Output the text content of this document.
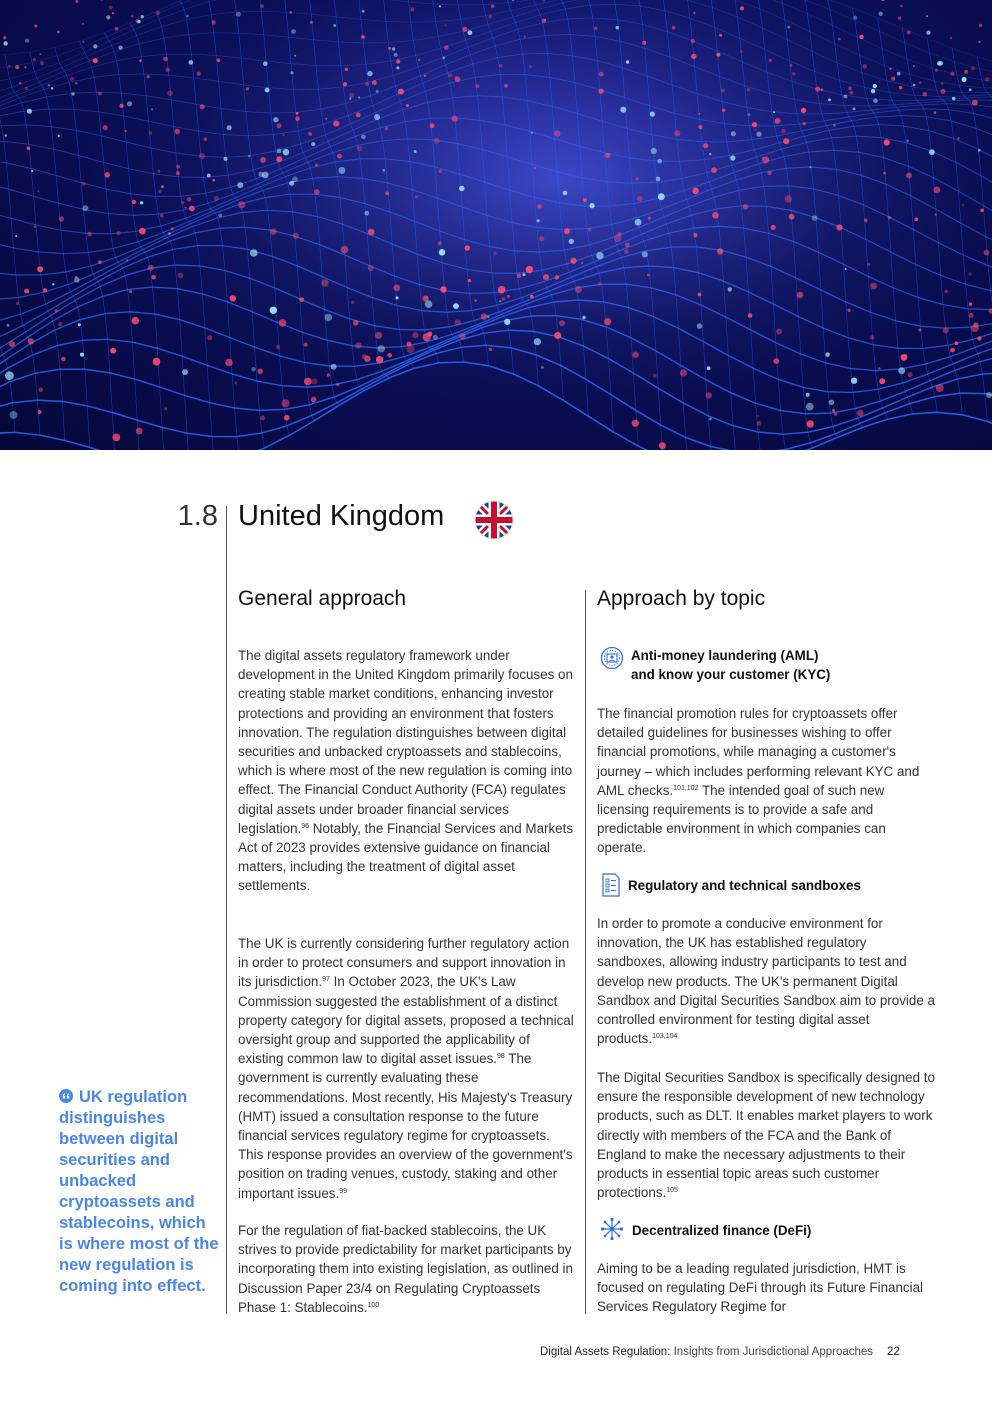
1.8 United Kingdom
General approach

The digital assets regulatory framework under development in the United Kingdom primarily focuses on creating stable market conditions, enhancing investor protections and providing an environment that fosters innovation. The regulation distinguishes between digital securities and unbacked cryptoassets and stablecoins, which is where most of the new regulation is coming into effect. The Financial Conduct Authority (FCA) regulates digital assets under broader financial services legislation.$^{96}$ Notably, the Financial Services and Markets Act of 2023 provides extensive guidance on financial matters, including the treatment of digital asset settlements.

The UK is currently considering further regulatory action in order to protect consumers and support innovation in its jurisdiction.$^{97}$ In October 2023, the UK's Law Commission suggested the establishment of a distinct property category for digital assets, proposed a technical oversight group and supported the applicability of existing common law to digital asset issues.$^{98}$ The government is currently evaluating these recommendations. Most recently, His Majesty's Treasury (HMT) issued a consultation response to the future financial services regulatory regime for cryptoassets. This response provides an overview of the government's position on trading venues, custody, staking and other important issues.$^{99}$

For the regulation of fiat-backed stablecoins, the UK strives to provide predictability for market participants by incorporating them into existing legislation, as outlined in Discussion Paper 23/4 on Regulating Cryptoassets Phase 1: Stablecoins.$^{100}$

Approach by topic
Anti-money laundering (AML)
and know your customer (KYC)

The financial promotion rules for cryptoassets offer detailed guidelines for businesses wishing to offer financial promotions, while managing a customer's journey – which includes performing relevant KYC and AML checks.$^{101,102}$ The intended goal of such new licensing requirements is to provide a safe and predictable environment in which companies can operate.

Regulatory and technical sandboxes

In order to promote a conducive environment for innovation, the UK has established regulatory sandboxes, allowing industry participants to test and develop new products. The UK's permanent Digital Sandbox and Digital Securities Sandbox aim to provide a controlled environment for testing digital asset products.$^{103,104}$

The Digital Securities Sandbox is specifically designed to ensure the responsible development of new technology products, such as DLT. It enables market players to work directly with members of the FCA and the Bank of England to make the necessary adjustments to their products in essential topic areas such customer protections.$^{105}$

Decentralized finance (DeFi)

Aiming to be a leading regulated jurisdiction, HMT is focused on regulating DeFi through its Future Financial Services Regulatory Regime for

UK regulation distinguishes between digital securities and unbacked cryptoassets and stablecoins, which is where most of the new regulation is coming into effect.
Digital Assets Regulation: Insights from Jurisdictional Approaches 22
